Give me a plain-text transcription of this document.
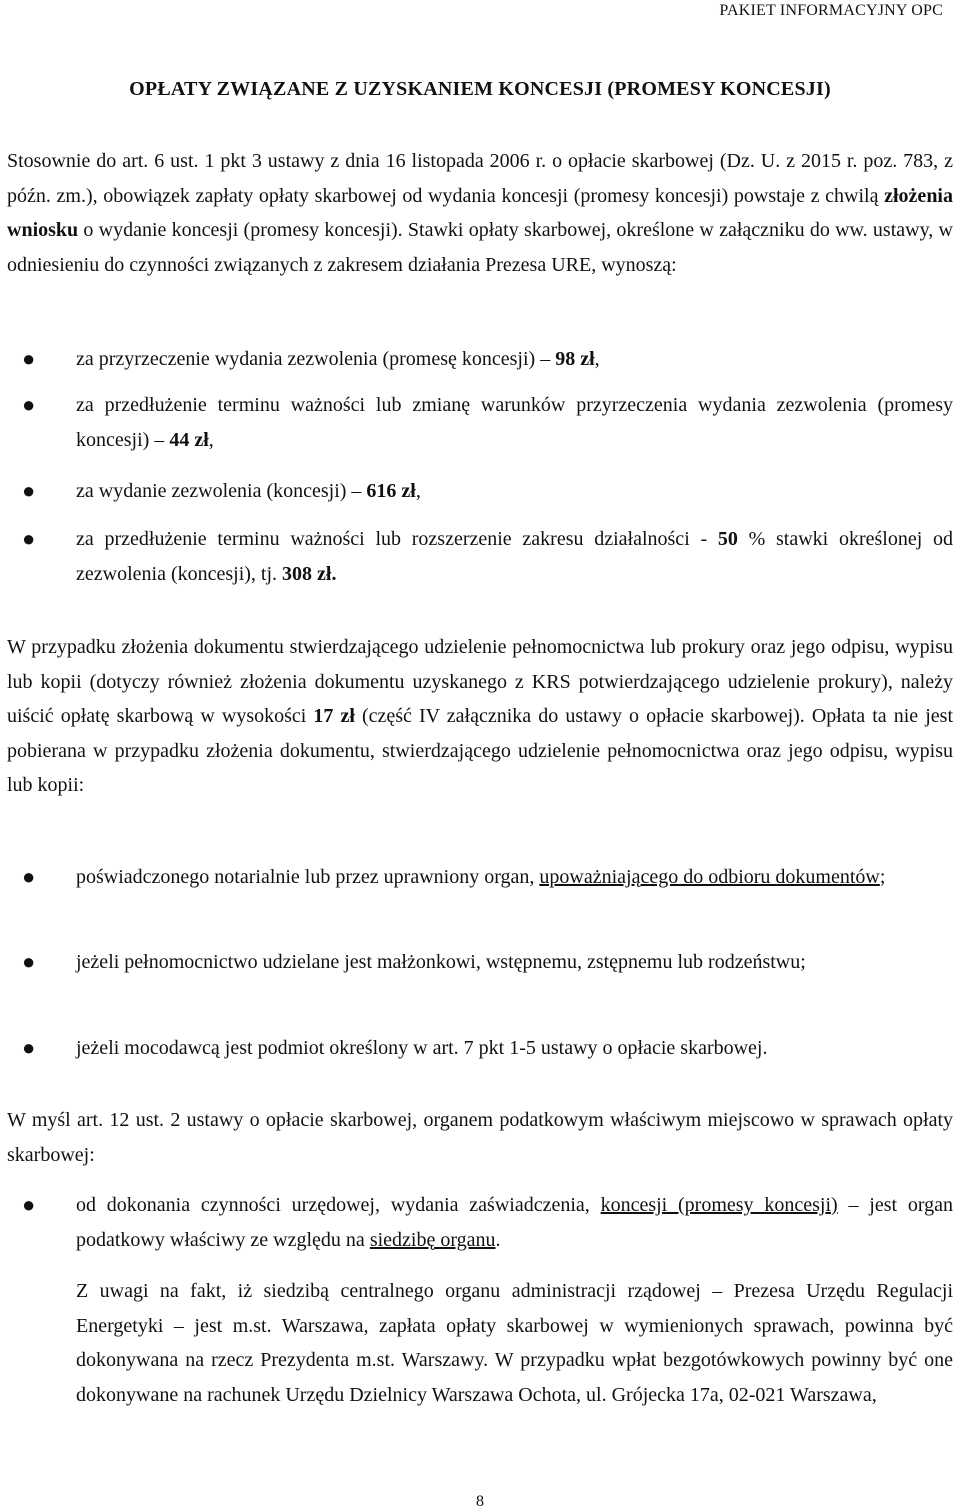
PAKIET INFORMACYJNY OPC
OPŁATY ZWIĄZANE Z UZYSKANIEM KONCESJI (PROMESY KONCESJI)

Stosownie do art. 6 ust. 1 pkt 3 ustawy z dnia 16 listopada 2006 r. o opłacie skarbowej (Dz. U. z 2015 r. poz. 783, z późn. zm.), obowiązek zapłaty opłaty skarbowej od wydania koncesji (promesy koncesji) powstaje z chwilą złożenia wniosku o wydanie koncesji (promesy koncesji). Stawki opłaty skarbowej, określone w załączniku do ww. ustawy, w odniesieniu do czynności związanych z zakresem działania Prezesa URE, wynoszą:

● za przyrzeczenie wydania zezwolenia (promesę koncesji) – 98 zł,

● za przedłużenie terminu ważności lub zmianę warunków przyrzeczenia wydania zezwolenia (promesy koncesji) – 44 zł,

● za wydanie zezwolenia (koncesji) – 616 zł,

● za przedłużenie terminu ważności lub rozszerzenie zakresu działalności - 50 % stawki określonej od zezwolenia (koncesji), tj. 308 zł.

W przypadku złożenia dokumentu stwierdzającego udzielenie pełnomocnictwa lub prokury oraz jego odpisu, wypisu lub kopii (dotyczy również złożenia dokumentu uzyskanego z KRS potwierdzającego udzielenie prokury), należy uiścić opłatę skarbową w wysokości 17 zł (część IV załącznika do ustawy o opłacie skarbowej). Opłata ta nie jest pobierana w przypadku złożenia dokumentu, stwierdzającego udzielenie pełnomocnictwa oraz jego odpisu, wypisu lub kopii:

● poświadczonego notarialnie lub przez uprawniony organ, upoważniającego do odbioru dokumentów;

● jeżeli pełnomocnictwo udzielane jest małżonkowi, wstępnemu, zstępnemu lub rodzeństwu;

● jeżeli mocodawcą jest podmiot określony w art. 7 pkt 1-5 ustawy o opłacie skarbowej.

W myśl art. 12 ust. 2 ustawy o opłacie skarbowej, organem podatkowym właściwym miejscowo w sprawach opłaty skarbowej:

● od dokonania czynności urzędowej, wydania zaświadczenia, koncesji (promesy koncesji) – jest organ podatkowy właściwy ze względu na siedzibę organu.

Z uwagi na fakt, iż siedzibą centralnego organu administracji rządowej – Prezesa Urzędu Regulacji Energetyki – jest m.st. Warszawa, zapłata opłaty skarbowej w wymienionych sprawach, powinna być dokonywana na rzecz Prezydenta m.st. Warszawy. W przypadku wpłat bezgotówkowych powinny być one dokonywane na rachunek Urzędu Dzielnicy Warszawa Ochota, ul. Grójecka 17a, 02-021 Warszawa,

8
